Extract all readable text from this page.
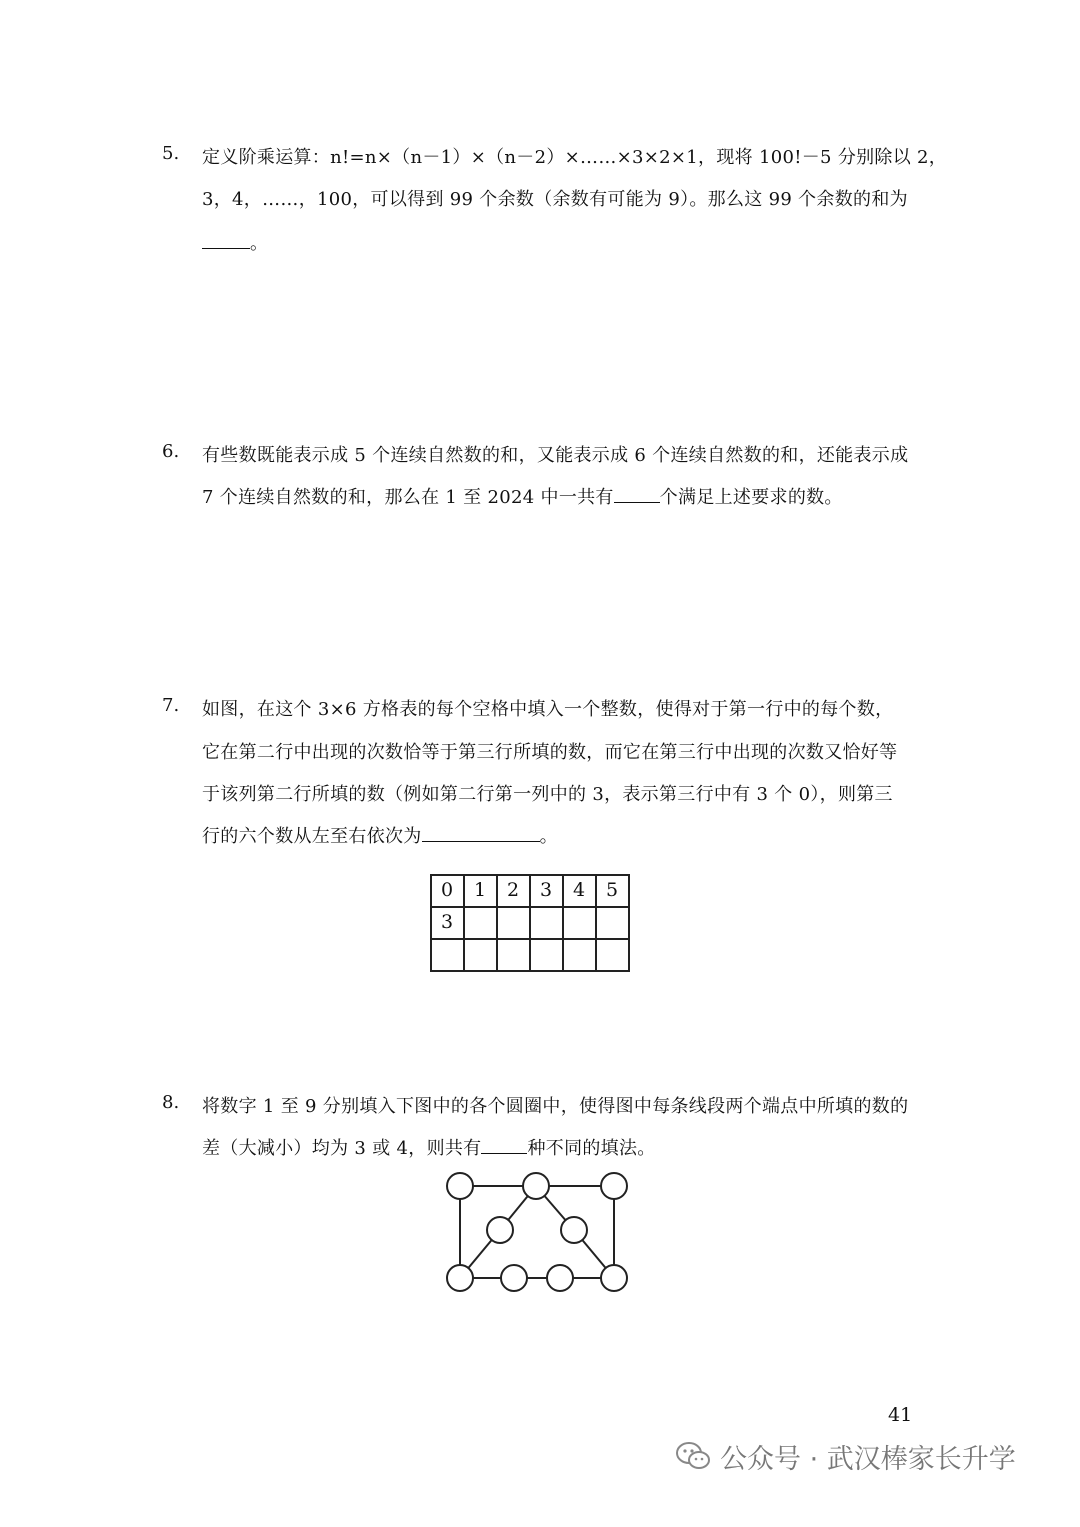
5. 定义阶乘运算：n!=n×（n－1）×（n－2）×……×3×2×1，现将 100!－5 分别除以 2，
3，4，……，100，可以得到 99 个余数（余数有可能为 9）。那么这 99 个余数的和为
。
6. 有些数既能表示成 5 个连续自然数的和，又能表示成 6 个连续自然数的和，还能表示成
7 个连续自然数的和，那么在 1 至 2024 中一共有	个满足上述要求的数。
7. 如图，在这个 3×6 方格表的每个空格中填入一个整数，使得对于第一行中的每个数，
它在第二行中出现的次数恰等于第三行所填的数，而它在第三行中出现的次数又恰好等
于该列第二行所填的数（例如第二行第一列中的 3，表示第三行中有 3 个 0），则第三
行的六个数从左至右依次为	。
0	1	2	3	4	5
3					

8. 将数字 1 至 9 分别填入下图中的各个圆圈中，使得图中每条线段两个端点中所填的数的
差（大减小）均为 3 或 4，则共有	种不同的填法。
41
公众号 · 武汉棒家长升学
